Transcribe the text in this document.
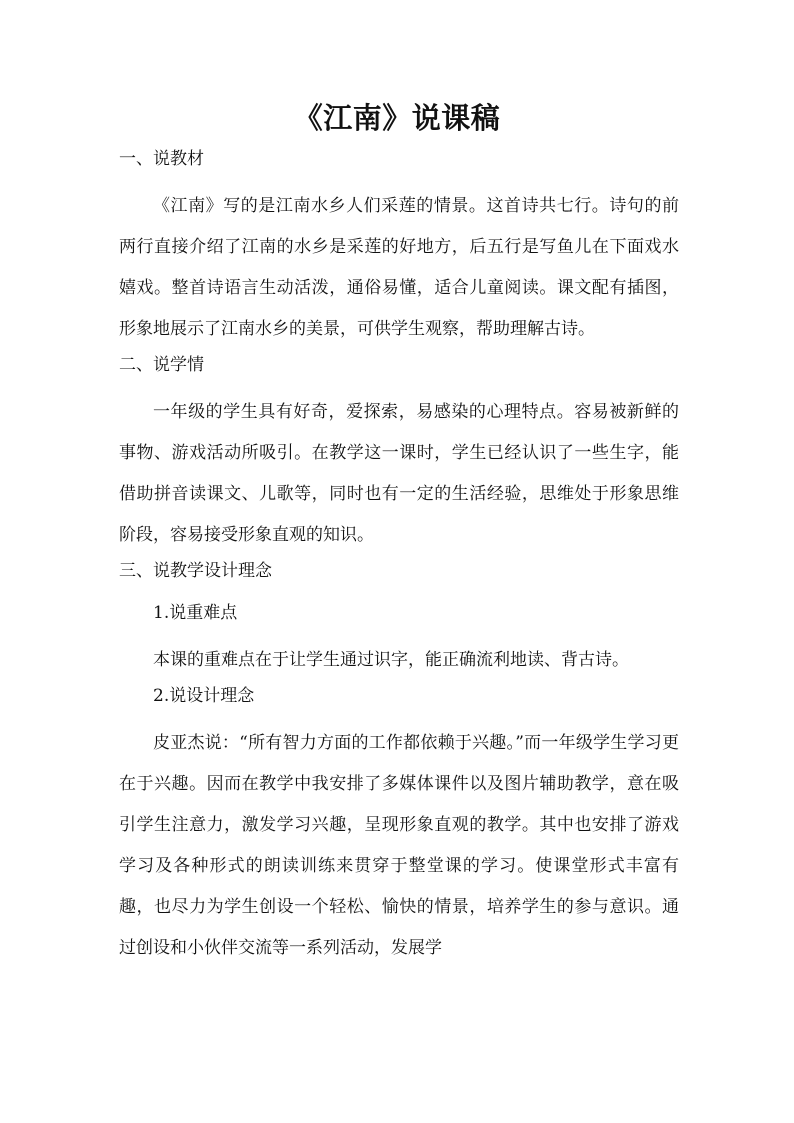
《江南》说课稿
一、说教材

《江南》写的是江南水乡人们采莲的情景。这首诗共七行。诗句的前两行直接介绍了江南的水乡是采莲的好地方，后五行是写鱼儿在下面戏水嬉戏。整首诗语言生动活泼，通俗易懂，适合儿童阅读。课文配有插图，形象地展示了江南水乡的美景，可供学生观察，帮助理解古诗。

二、说学情

一年级的学生具有好奇，爱探索，易感染的心理特点。容易被新鲜的事物、游戏活动所吸引。在教学这一课时，学生已经认识了一些生字，能借助拼音读课文、儿歌等，同时也有一定的生活经验，思维处于形象思维阶段，容易接受形象直观的知识。

三、说教学设计理念
1.说重难点

本课的重难点在于让学生通过识字，能正确流利地读、背古诗。

2.说设计理念

皮亚杰说：“所有智力方面的工作都依赖于兴趣。”而一年级学生学习更在于兴趣。因而在教学中我安排了多媒体课件以及图片辅助教学，意在吸引学生注意力，激发学习兴趣，呈现形象直观的教学。其中也安排了游戏学习及各种形式的朗读训练来贯穿于整堂课的学习。使课堂形式丰富有趣，也尽力为学生创设一个轻松、愉快的情景，培养学生的参与意识。通过创设和小伙伴交流等一系列活动，发展学
